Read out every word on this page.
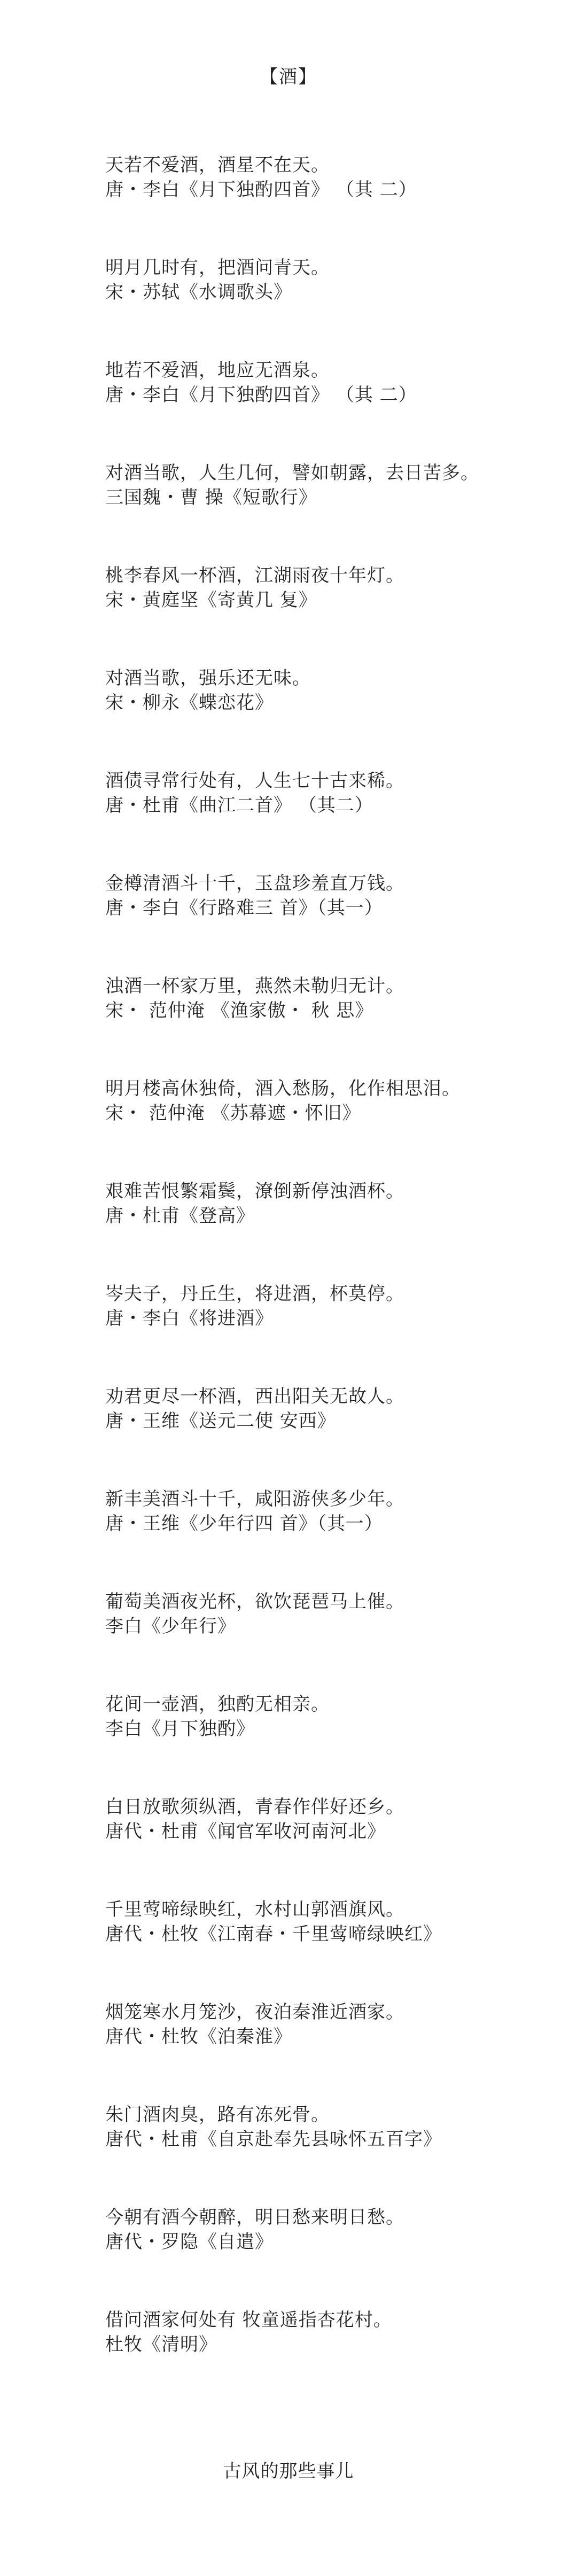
【酒】
天若不爱酒，酒星不在天。
唐・李白《月下独酌四首》 （其 二）
明月几时有，把酒问青天。
宋・苏轼《水调歌头》
地若不爱酒，地应无酒泉。
唐・李白《月下独酌四首》 （其 二）
对酒当歌，人生几何，譬如朝露，去日苦多。
三国魏・曹 操《短歌行》
桃李春风一杯酒，江湖雨夜十年灯。
宋・黄庭坚《寄黄几 复》
对酒当歌，强乐还无味。
宋・柳永《蝶恋花》
酒债寻常行处有，人生七十古来稀。
唐・杜甫《曲江二首》 （其二）
金樽清酒斗十千，玉盘珍羞直万钱。
唐・李白《行路难三 首》（其一）
浊酒一杯家万里，燕然未勒归无计。
宋・ 范仲淹 《渔家傲・ 秋 思》
明月楼高休独倚，酒入愁肠，化作相思泪。
宋・ 范仲淹 《苏幕遮・怀旧》
艰难苦恨繁霜鬓，潦倒新停浊酒杯。
唐・杜甫《登高》
岑夫子，丹丘生，将进酒，杯莫停。
唐・李白《将进酒》
劝君更尽一杯酒，西出阳关无故人。
唐・王维《送元二使 安西》
新丰美酒斗十千，咸阳游侠多少年。
唐・王维《少年行四 首》（其一）
葡萄美酒夜光杯，欲饮琵琶马上催。
李白《少年行》
花间一壶酒，独酌无相亲。
李白《月下独酌》
白日放歌须纵酒，青春作伴好还乡。
唐代・杜甫《闻官军收河南河北》
千里莺啼绿映红，水村山郭酒旗风。
唐代・杜牧《江南春・千里莺啼绿映红》
烟笼寒水月笼沙，夜泊秦淮近酒家。
唐代・杜牧《泊秦淮》
朱门酒肉臭，路有冻死骨。
唐代・杜甫《自京赴奉先县咏怀五百字》
今朝有酒今朝醉，明日愁来明日愁。
唐代・罗隐《自遣》
借问酒家何处有 牧童遥指杏花村。
杜牧《清明》
古风的那些事儿
